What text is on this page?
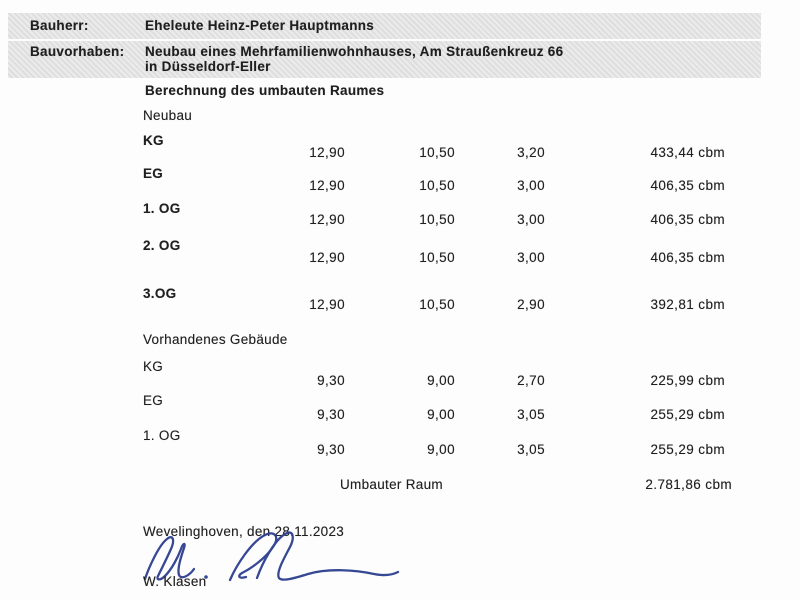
Bauherr:	Eheleute Heinz-Peter Hauptmanns
Bauvorhaben: Neubau eines Mehrfamilienwohnhauses, Am Straußenkreuz 66
in Düsseldorf-Eller
Berechnung des umbauten Raumes
Neubau
KG
12,90	10,50	3,20	433,44 cbm
EG
12,90	10,50	3,00	406,35 cbm
1. OG
12,90	10,50	3,00	406,35 cbm
2. OG
12,90	10,50	3,00	406,35 cbm
3.OG
12,90	10,50	2,90	392,81 cbm
Vorhandenes Gebäude
KG
9,30	9,00	2,70	225,99 cbm
EG
9,30	9,00	3,05	255,29 cbm
1. OG
9,30	9,00	3,05	255,29 cbm
Umbauter Raum	2.781,86 cbm
Wevelinghoven, den 28.11.2023
W. Klasen
